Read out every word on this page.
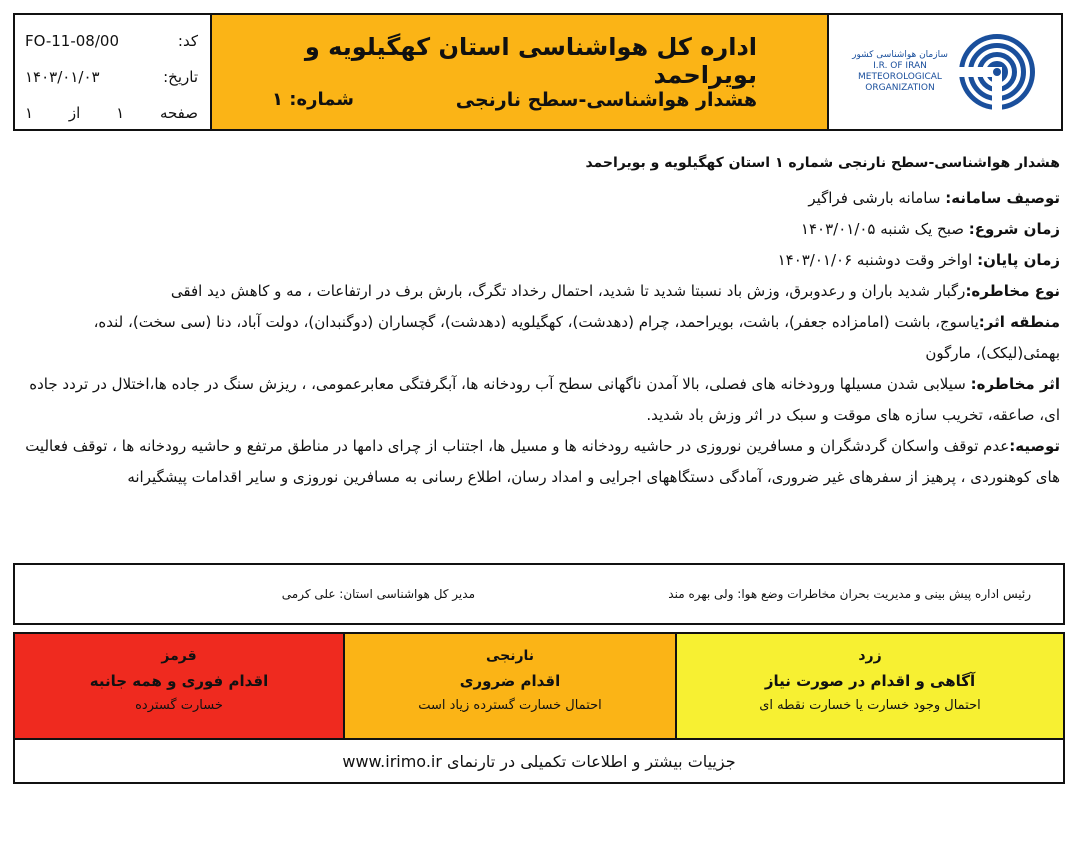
کد:
FO-11-08/00
تاریخ:
۱۴۰۳/۰۱/۰۳
صفحه
۱
از
۱
اداره کل هواشناسی استان کهگیلویه و بویراحمد
هشدار هواشناسی-سطح نارنجی
شماره: ۱
سازمان هواشناسی کشور
I.R. OF IRAN
METEOROLOGICAL
ORGANIZATION

هشدار هواشناسی-سطح نارنجی شماره ۱ استان کهگیلویه و بویراحمد

توصیف سامانه: سامانه بارشی فراگیر

زمان شروع: صبح یک شنبه ۱۴۰۳/۰۱/۰۵

زمان پایان: اواخر وقت دوشنبه ۱۴۰۳/۰۱/۰۶

نوع مخاطره:رگبار شدید باران و رعدوبرق، وزش باد نسبتا شدید تا شدید، احتمال رخداد تگرگ، بارش برف در ارتفاعات ، مه و کاهش دید افقی

منطقه اثر:یاسوج، باشت (امامزاده جعفر)، باشت، بویراحمد، چرام (دهدشت)، کهگیلویه (دهدشت)، گچساران (دوگنبدان)، دولت آباد، دنا (سی سخت)، لنده، بهمئی(لیکک)، مارگون

اثر مخاطره: سیلابی شدن مسیلها ورودخانه های فصلی، بالا آمدن ناگهانی سطح آب رودخانه ها، آبگرفتگی معابرعمومی، ، ریزش سنگ در جاده ها،اختلال در تردد جاده ای، صاعقه، تخریب سازه های موقت و سبک در اثر وزش باد شدید.

توصیه:عدم توقف واسکان گردشگران و مسافرین نوروزی در حاشیه رودخانه ها و مسیل ها، اجتناب از چرای دامها در مناطق مرتفع و حاشیه رودخانه ها ، توقف فعالیت های کوهنوردی ، پرهیز از سفرهای غیر ضروری، آمادگی دستگاههای اجرایی و امداد رسان، اطلاع رسانی به مسافرین نوروزی و سایر اقدامات پیشگیرانه

رئیس اداره پیش بینی و مدیریت بحران مخاطرات وضع هوا: ولی بهره مند
مدیر کل هواشناسی استان: علی کرمی
قرمز
اقدام فوری و همه جانبه
خسارت گسترده
نارنجی
اقدام ضروری
احتمال خسارت گسترده زیاد است
زرد
آگاهی و اقدام در صورت نیاز
احتمال وجود خسارت یا خسارت نقطه ای
جزییات بیشتر و اطلاعات تکمیلی در تارنمای www.irimo.ir
